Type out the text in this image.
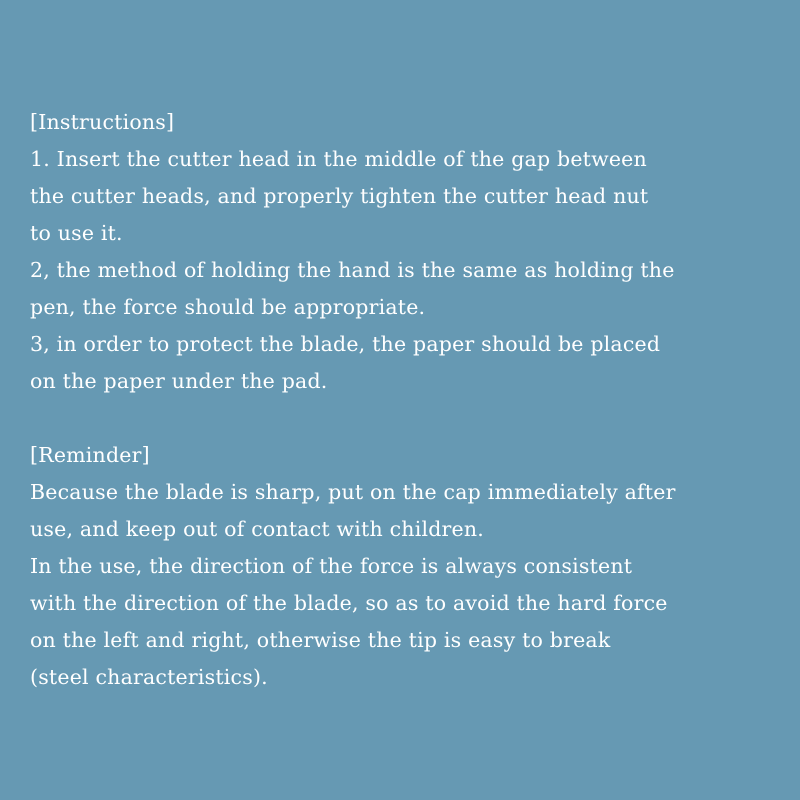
[Instructions]
1. Insert the cutter head in the middle of the gap between
the cutter heads, and properly tighten the cutter head nut
to use it.
2, the method of holding the hand is the same as holding the
pen, the force should be appropriate.
3, in order to protect the blade, the paper should be placed
on the paper under the pad.
[Reminder]
Because the blade is sharp, put on the cap immediately after
use, and keep out of contact with children.
In the use, the direction of the force is always consistent
with the direction of the blade, so as to avoid the hard force
on the left and right, otherwise the tip is easy to break
(steel characteristics).
